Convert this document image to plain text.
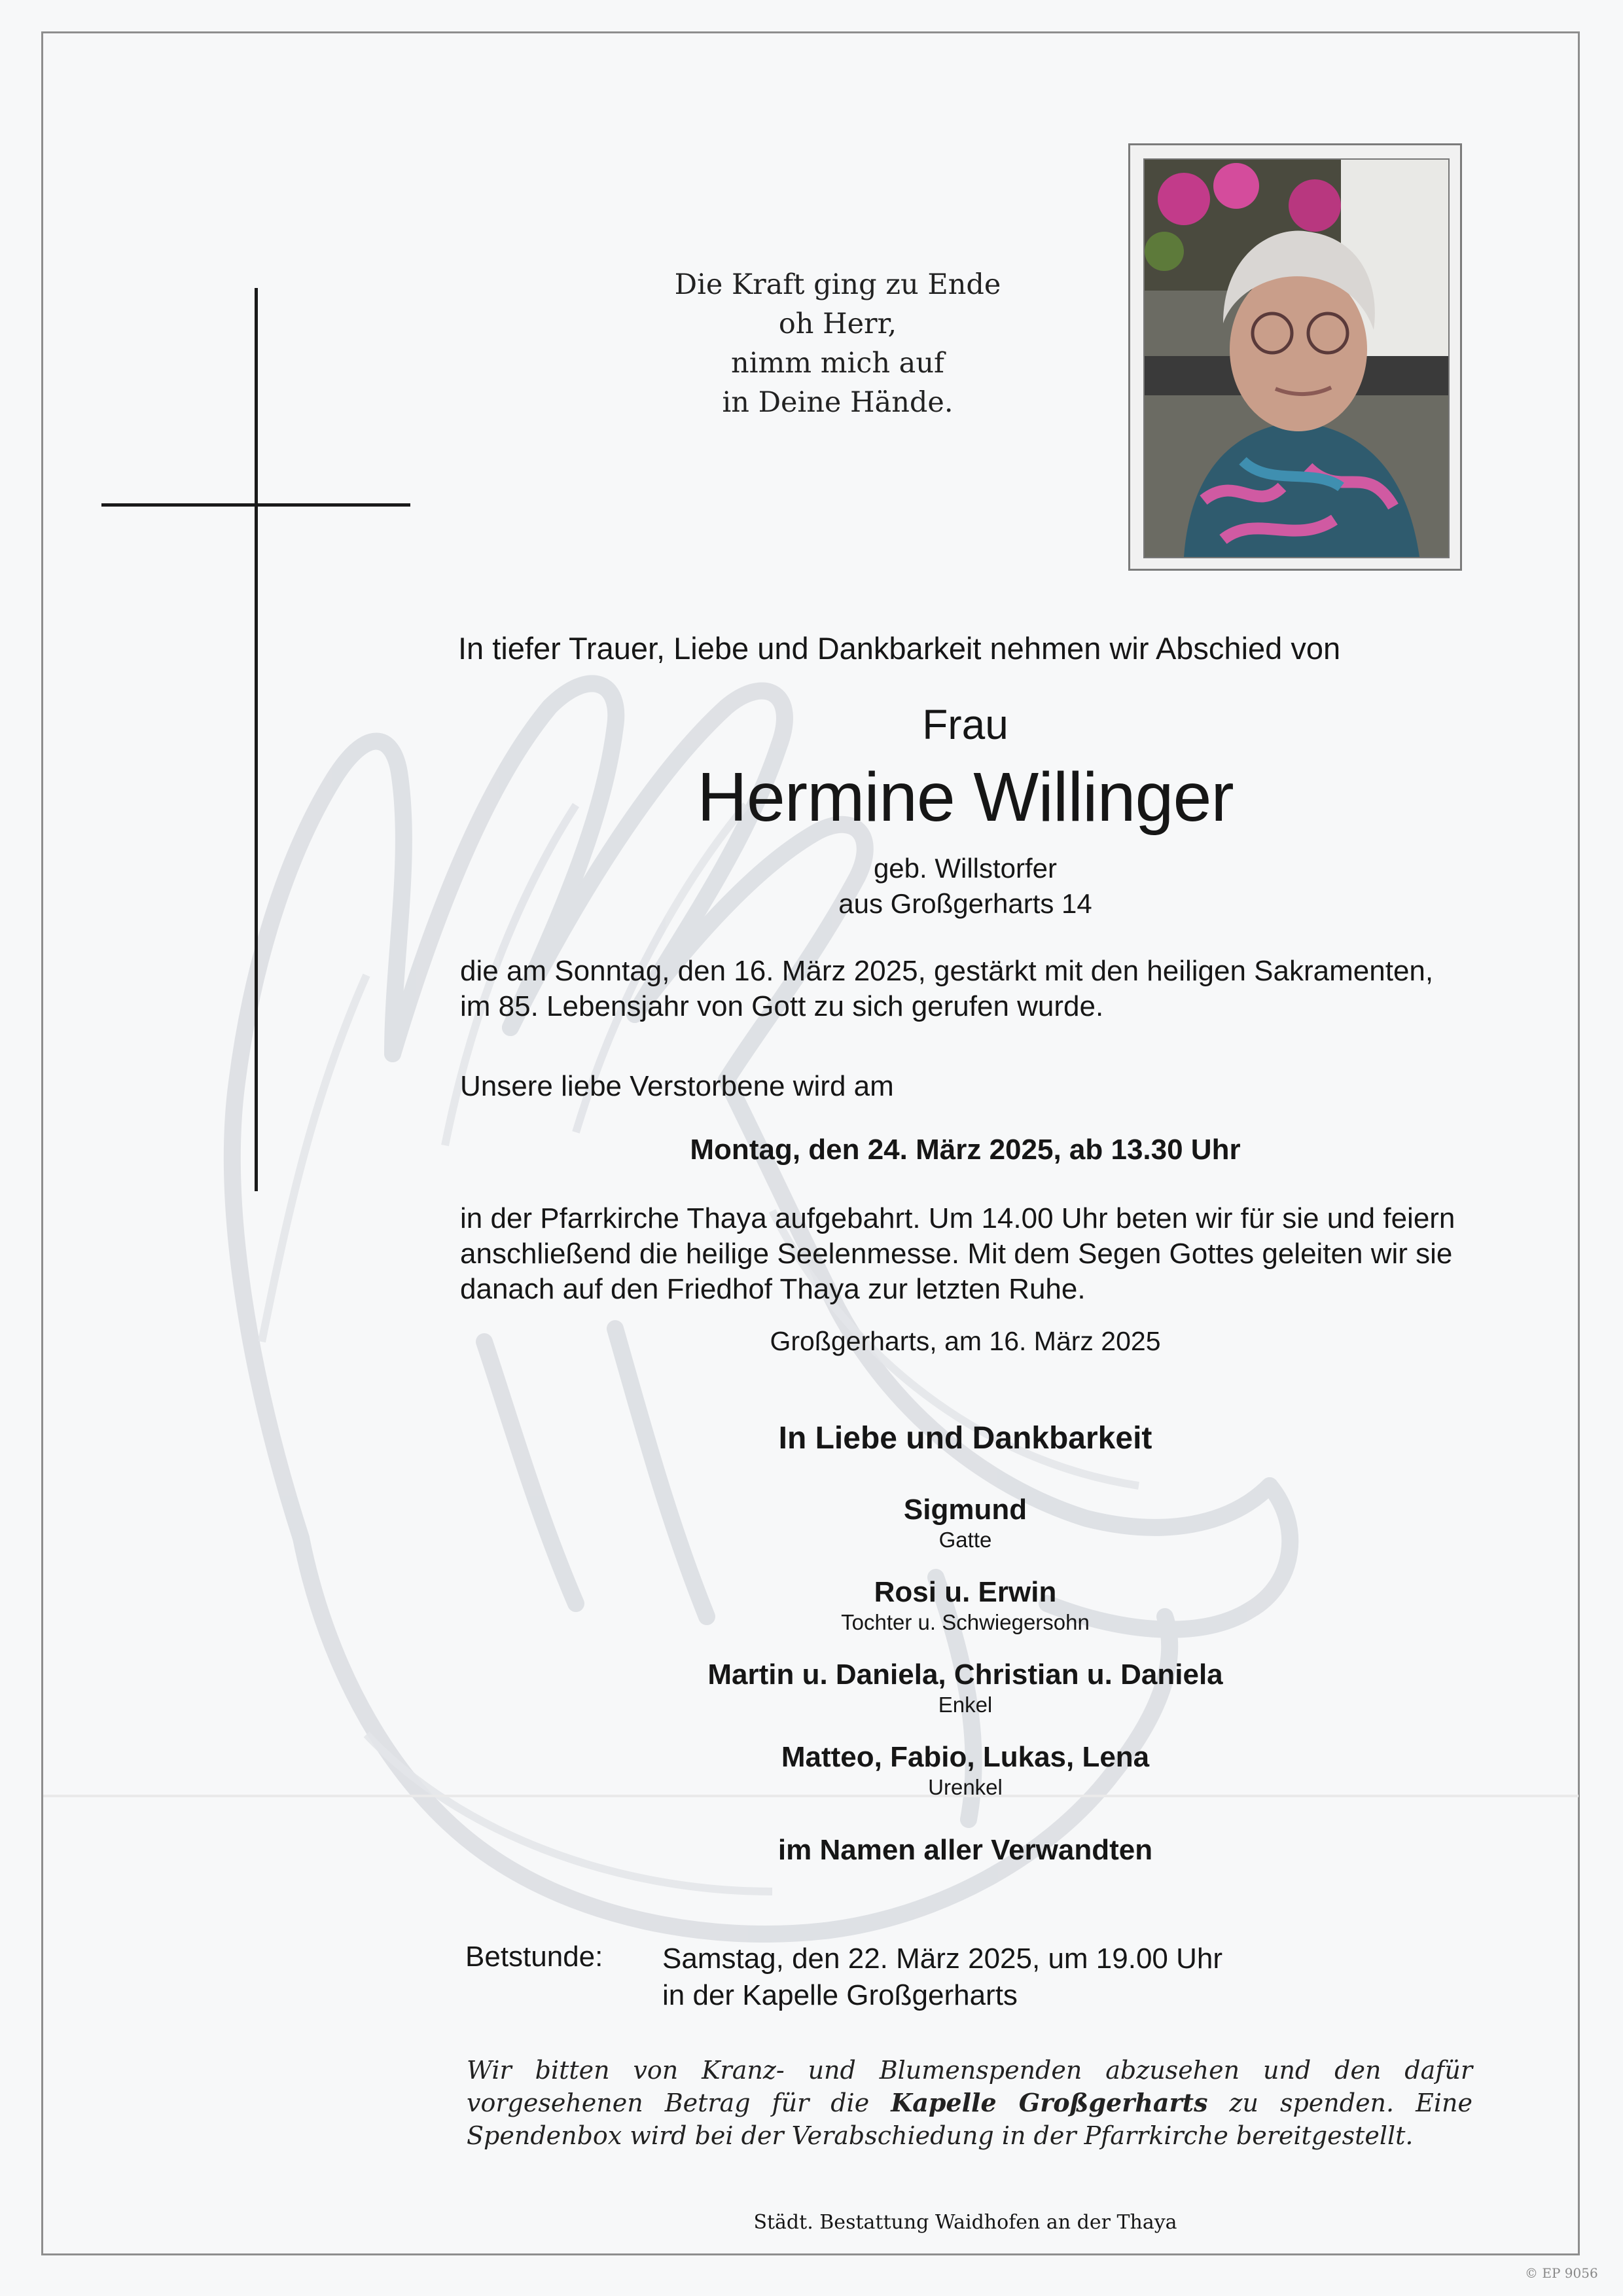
Die Kraft ging zu Ende
oh Herr,
nimm mich auf
in Deine Hände.
In tiefer Trauer, Liebe und Dankbarkeit nehmen wir Abschied von
Frau
Hermine Willinger
geb. Willstorfer
aus Großgerharts 14
die am Sonntag, den 16. März 2025, gestärkt mit den heiligen Sakramenten,
im 85. Lebensjahr von Gott zu sich gerufen wurde.
Unsere liebe Verstorbene wird am
Montag, den 24. März 2025, ab 13.30 Uhr
in der Pfarrkirche Thaya aufgebahrt. Um 14.00 Uhr beten wir für sie und feiern
anschließend die heilige Seelenmesse. Mit dem Segen Gottes geleiten wir sie
danach auf den Friedhof Thaya zur letzten Ruhe.
Großgerharts, am 16. März 2025
In Liebe und Dankbarkeit
Sigmund
Gatte
Rosi u. Erwin
Tochter u. Schwiegersohn
Martin u. Daniela, Christian u. Daniela
Enkel
Matteo, Fabio, Lukas, Lena
Urenkel
im Namen aller Verwandten
Betstunde: Samstag, den 22. März 2025, um 19.00 Uhr
in der Kapelle Großgerharts
Wir bitten von Kranz- und Blumenspenden abzusehen und den dafür vorgesehenen Betrag für die Kapelle Großgerharts zu spenden. Eine Spendenbox wird bei der Verabschiedung in der Pfarrkirche bereitgestellt.
Städt. Bestattung Waidhofen an der Thaya
© EP 9056
